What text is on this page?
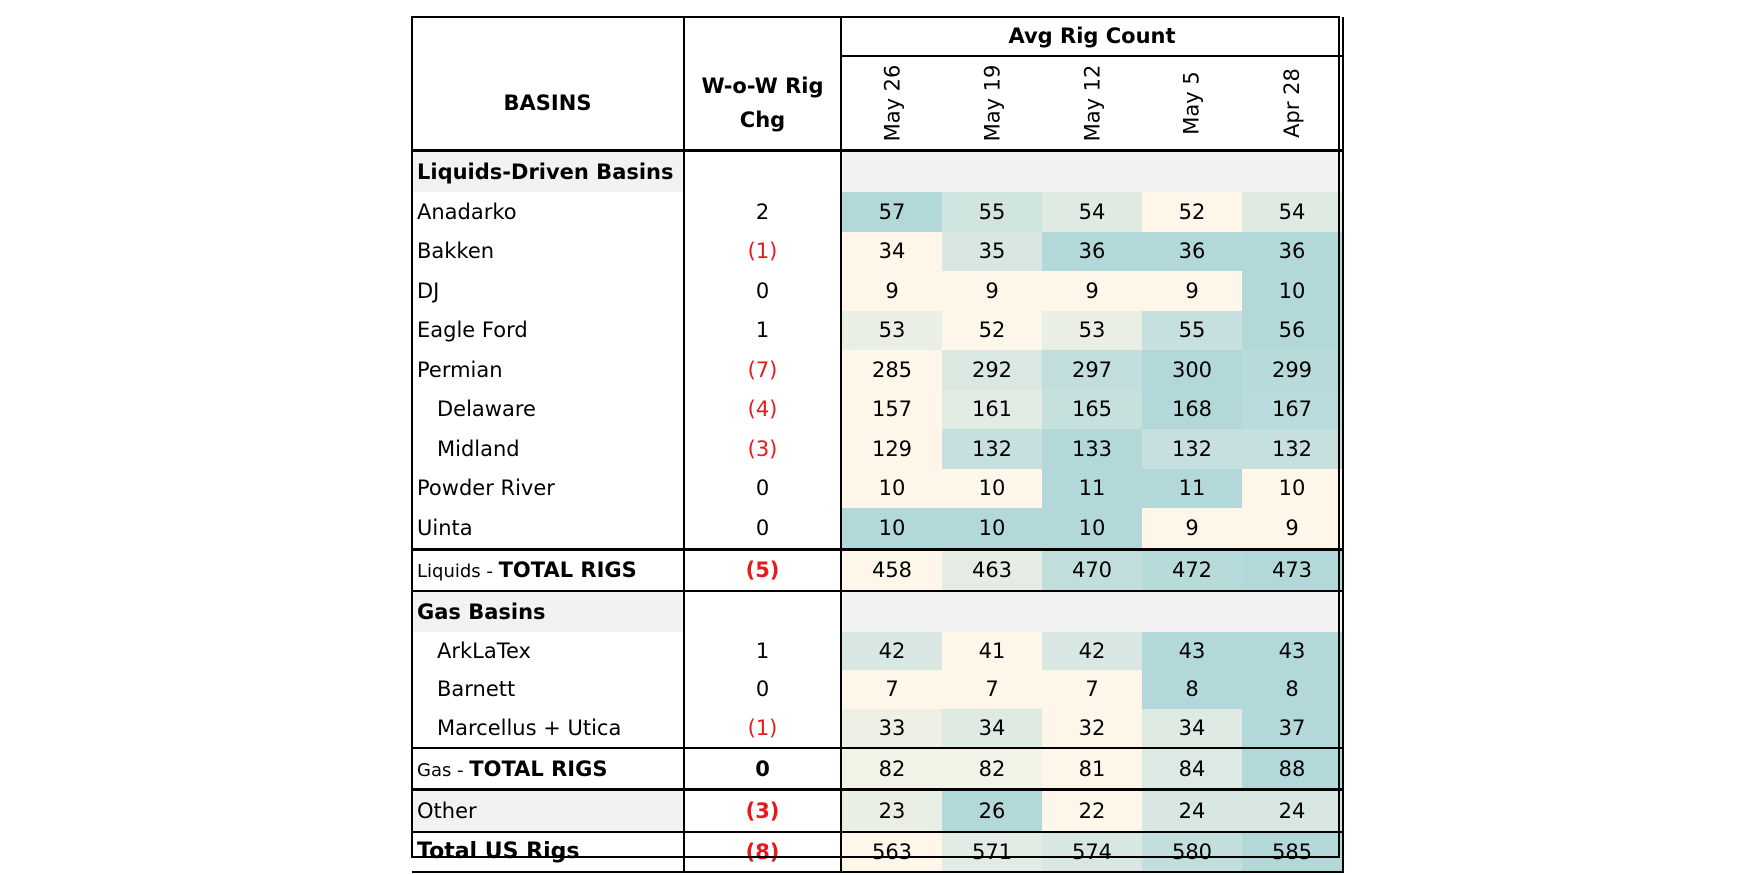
		Avg Rig Count				
BASINS	W-o-W Rig Chg	May 26	May 19	May 12	May 5	Apr 28
Liquids-Driven Basins						
Anadarko	2	57	55	54	52	54
Bakken	(1)	34	35	36	36	36
DJ	0	9	9	9	9	10
Eagle Ford	1	53	52	53	55	56
Permian	(7)	285	292	297	300	299
Delaware	(4)	157	161	165	168	167
Midland	(3)	129	132	133	132	132
Powder River	0	10	10	11	11	10
Uinta	0	10	10	10	9	9
Liquids - TOTAL RIGS	(5)	458	463	470	472	473
Gas Basins						
ArkLaTex	1	42	41	42	43	43
Barnett	0	7	7	7	8	8
Marcellus + Utica	(1)	33	34	32	34	37
Gas - TOTAL RIGS	0	82	82	81	84	88
Other	(3)	23	26	22	24	24
Total US Rigs	(8)	563	571	574	580	585
